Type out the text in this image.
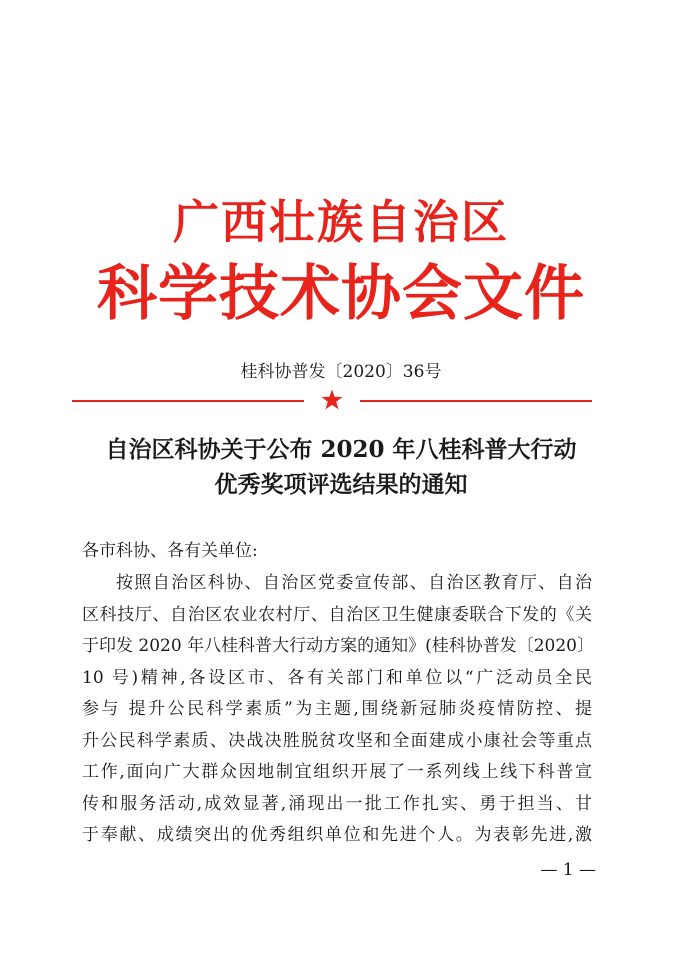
广西壮族自治区
科学技术协会文件
桂科协普发〔2020〕36号
自治区科协关于公布 2020 年八桂科普大行动
优秀奖项评选结果的通知
各市科协、各有关单位:
按照自治区科协、自治区党委宣传部、自治区教育厅、自治
区科技厅、自治区农业农村厅、自治区卫生健康委联合下发的《关
于印发 2020 年八桂科普大行动方案的通知》(桂科协普发〔2020〕
10 号)精神,各设区市、各有关部门和单位以“广泛动员全民
参与 提升公民科学素质”为主题,围绕新冠肺炎疫情防控、提
升公民科学素质、决战决胜脱贫攻坚和全面建成小康社会等重点
工作,面向广大群众因地制宜组织开展了一系列线上线下科普宣
传和服务活动,成效显著,涌现出一批工作扎实、勇于担当、甘
于奉献、成绩突出的优秀组织单位和先进个人。为表彰先进,激
— 1 —
